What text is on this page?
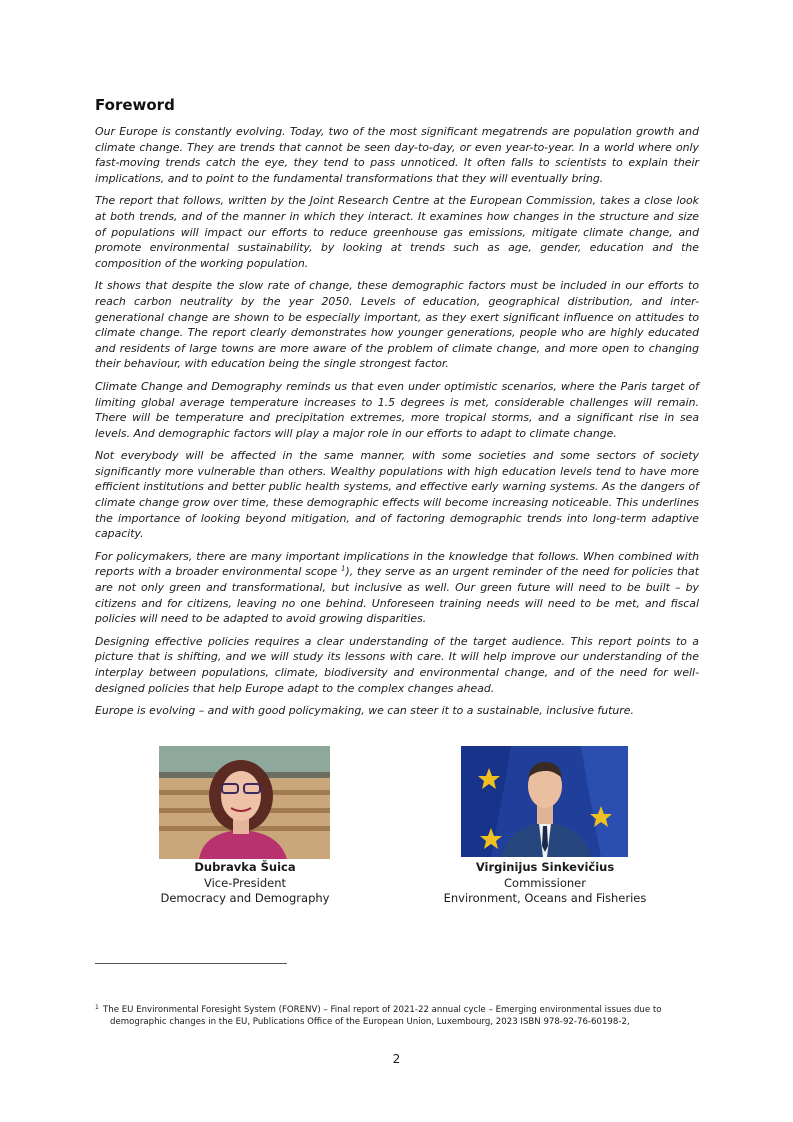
Foreword

Our Europe is constantly evolving. Today, two of the most significant megatrends are population growth and climate change. They are trends that cannot be seen day-to-day, or even year-to-year. In a world where only fast-moving trends catch the eye, they tend to pass unnoticed. It often falls to scientists to explain their implications, and to point to the fundamental transformations that they will eventually bring.

The report that follows, written by the Joint Research Centre at the European Commission, takes a close look at both trends, and of the manner in which they interact. It examines how changes in the structure and size of populations will impact our efforts to reduce greenhouse gas emissions, mitigate climate change, and promote environmental sustainability, by looking at trends such as age, gender, education and the composition of the working population.

It shows that despite the slow rate of change, these demographic factors must be included in our efforts to reach carbon neutrality by the year 2050. Levels of education, geographical distribution, and inter-generational change are shown to be especially important, as they exert significant influence on attitudes to climate change. The report clearly demonstrates how younger generations, people who are highly educated and residents of large towns are more aware of the problem of climate change, and more open to changing their behaviour, with education being the single strongest factor.

Climate Change and Demography reminds us that even under optimistic scenarios, where the Paris target of limiting global average temperature increases to 1.5 degrees is met, considerable challenges will remain. There will be temperature and precipitation extremes, more tropical storms, and a significant rise in sea levels. And demographic factors will play a major role in our efforts to adapt to climate change.

Not everybody will be affected in the same manner, with some societies and some sectors of society significantly more vulnerable than others. Wealthy populations with high education levels tend to have more efficient institutions and better public health systems, and effective early warning systems. As the dangers of climate change grow over time, these demographic effects will become increasing noticeable. This underlines the importance of looking beyond mitigation, and of factoring demographic trends into long-term adaptive capacity.

For policymakers, there are many important implications in the knowledge that follows. When combined with reports with a broader environmental scope $^1$), they serve as an urgent reminder of the need for policies that are not only green and transformational, but inclusive as well. Our green future will need to be built – by citizens and for citizens, leaving no one behind. Unforeseen training needs will need to be met, and fiscal policies will need to be adapted to avoid growing disparities.

Designing effective policies requires a clear understanding of the target audience. This report points to a picture that is shifting, and we will study its lessons with care. It will help improve our understanding of the interplay between populations, climate, biodiversity and environmental change, and of the need for well-designed policies that help Europe adapt to the complex changes ahead.

Europe is evolving – and with good policymaking, we can steer it to a sustainable, inclusive future.

Dubravka Šuica
Vice-President
Democracy and Demography
Virginijus Sinkevičius
Commissioner
Environment, Oceans and Fisheries
1 The EU Environmental Foresight System (FORENV) – Final report of 2021-22 annual cycle – Emerging environmental issues due to
demographic changes in the EU, Publications Office of the European Union, Luxembourg, 2023 ISBN 978-92-76-60198-2,
2
